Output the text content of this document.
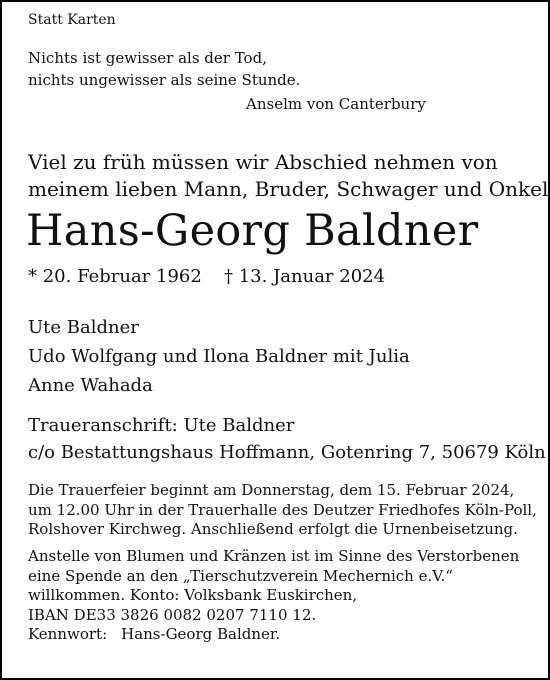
Statt Karten
Nichts ist gewisser als der Tod,
nichts ungewisser als seine Stunde.
Anselm von Canterbury
Viel zu früh müssen wir Abschied nehmen von
meinem lieben Mann, Bruder, Schwager und Onkel
Hans-Georg Baldner
* 20. Februar 1962 † 13. Januar 2024
Ute Baldner
Udo Wolfgang und Ilona Baldner mit Julia
Anne Wahada
Traueranschrift: Ute Baldner
c/o Bestattungshaus Hoffmann, Gotenring 7, 50679 Köln
Die Trauerfeier beginnt am Donnerstag, dem 15. Februar 2024,
um 12.00 Uhr in der Trauerhalle des Deutzer Friedhofes Köln-Poll,
Rolshover Kirchweg. Anschließend erfolgt die Urnenbeisetzung.
Anstelle von Blumen und Kränzen ist im Sinne des Verstorbenen
eine Spende an den „Tierschutzverein Mechernich e.V.“
willkommen. Konto: Volksbank Euskirchen,
IBAN DE33 3826 0082 0207 7110 12.
Kennwort: Hans-Georg Baldner.
